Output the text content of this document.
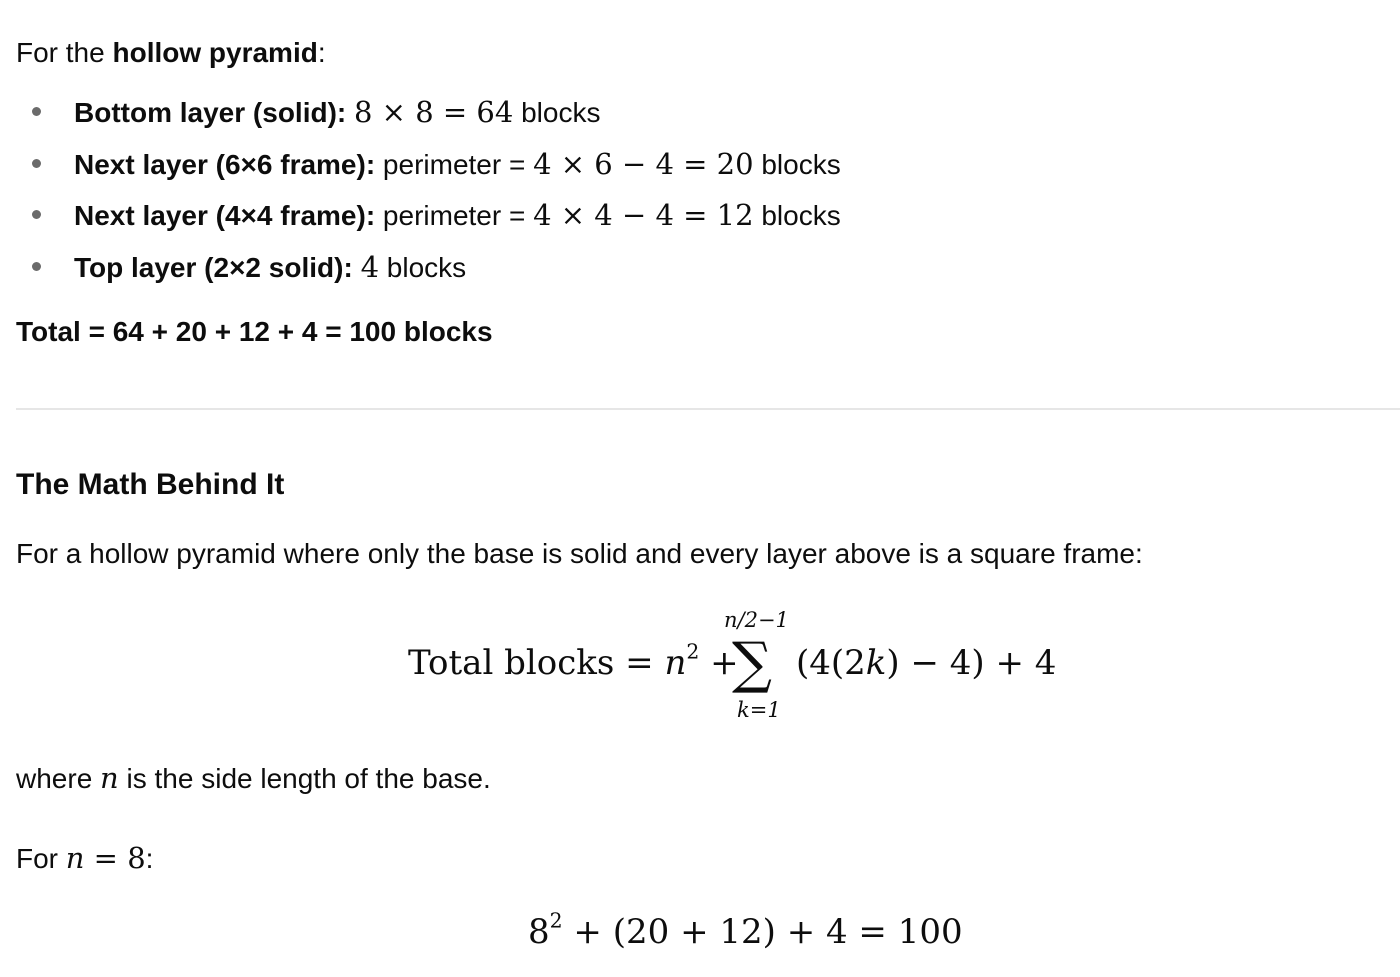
For the hollow pyramid:
Bottom layer (solid): 8 × 8 = 64 blocks
Next layer (6×6 frame): perimeter = 4 × 6 − 4 = 20 blocks
Next layer (4×4 frame): perimeter = 4 × 4 − 4 = 12 blocks
Top layer (2×2 solid): 4 blocks
Total = 64 + 20 + 12 + 4 = 100 blocks
The Math Behind It
For a hollow pyramid where only the base is solid and every layer above is a square frame:
Total blocks = $n^2$ +
n/2−1
∑
k=1
(4(2k) − 4) + 4
where n is the side length of the base.
For n = 8:
$8^2 + (20 + 12) + 4 = 100$
